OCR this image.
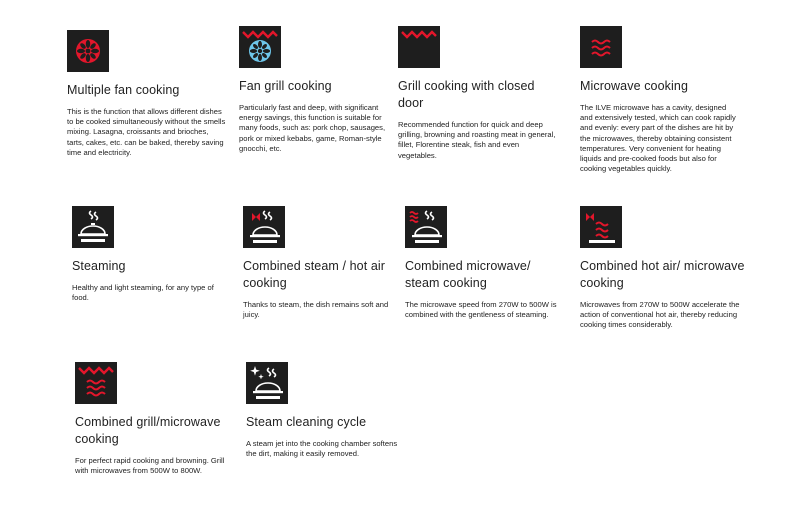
Multiple fan cooking

This is the function that allows different dishes to be cooked simultaneously without the smells mixing. Lasagna, croissants and brioches, tarts, cakes, etc. can be baked, thereby saving time and electricity.

Fan grill cooking

Particularly fast and deep, with significant energy savings, this function is suitable for many foods, such as: pork chop, sausages, pork or mixed kebabs, game, Roman-style gnocchi, etc.

Grill cooking with closed door

Recommended function for quick and deep grilling, browning and roasting meat in general, fillet, Florentine steak, fish and even vegetables.

Microwave cooking

The ILVE microwave has a cavity, designed and extensively tested, which can cook rapidly and evenly: every part of the dishes are hit by the microwaves, thereby obtaining consistent temperatures. Very convenient for heating liquids and pre-cooked foods but also for cooking vegetables quickly.

Steaming

Healthy and light steaming, for any type of food.

Combined steam / hot air cooking

Thanks to steam, the dish remains soft and juicy.

Combined microwave/ steam cooking

The microwave speed from 270W to 500W is combined with the gentleness of steaming.

Combined hot air/ microwave cooking

Microwaves from 270W to 500W accelerate the action of conventional hot air, thereby reducing cooking times considerably.

Combined grill/microwave cooking

For perfect rapid cooking and browning. Grill with microwaves from 500W to 800W.

Steam cleaning cycle

A steam jet into the cooking chamber softens the dirt, making it easily removed.
